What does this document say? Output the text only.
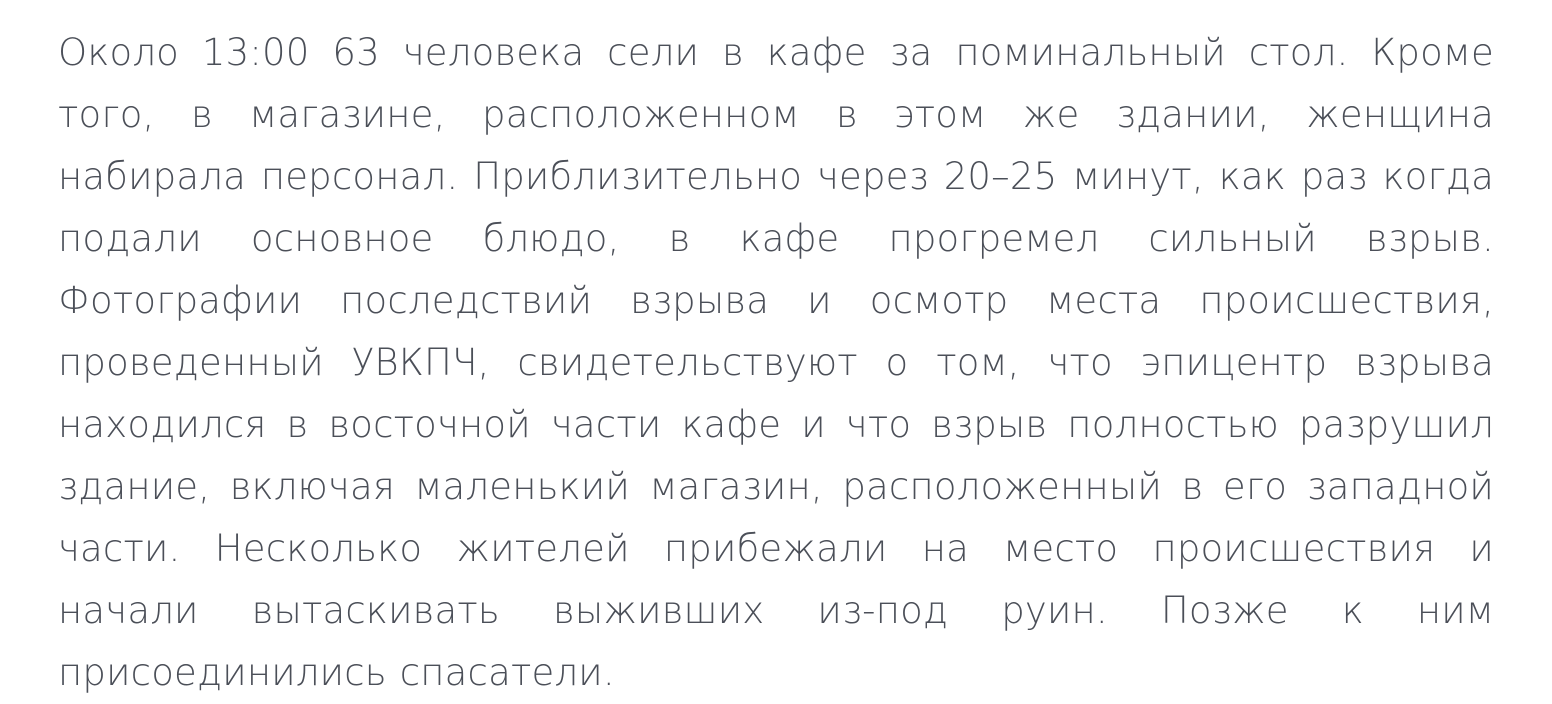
Около 13:00 63 человека сели в кафе за поминальный стол. Кроме того, в магазине, расположенном в этом же здании, женщина набирала персонал. Приблизительно через 20–25 минут, как раз когда подали основное блюдо, в кафе прогремел сильный взрыв. Фотографии последствий взрыва и осмотр места происшествия, проведенный УВКПЧ, свидетельствуют о том, что эпицентр взрыва находился в восточной части кафе и что взрыв полностью разрушил здание, включая маленький магазин, расположенный в его западной части. Несколько жителей прибежали на место происшествия и начали вытаскивать выживших из-под руин. Позже к ним присоединились спасатели.
